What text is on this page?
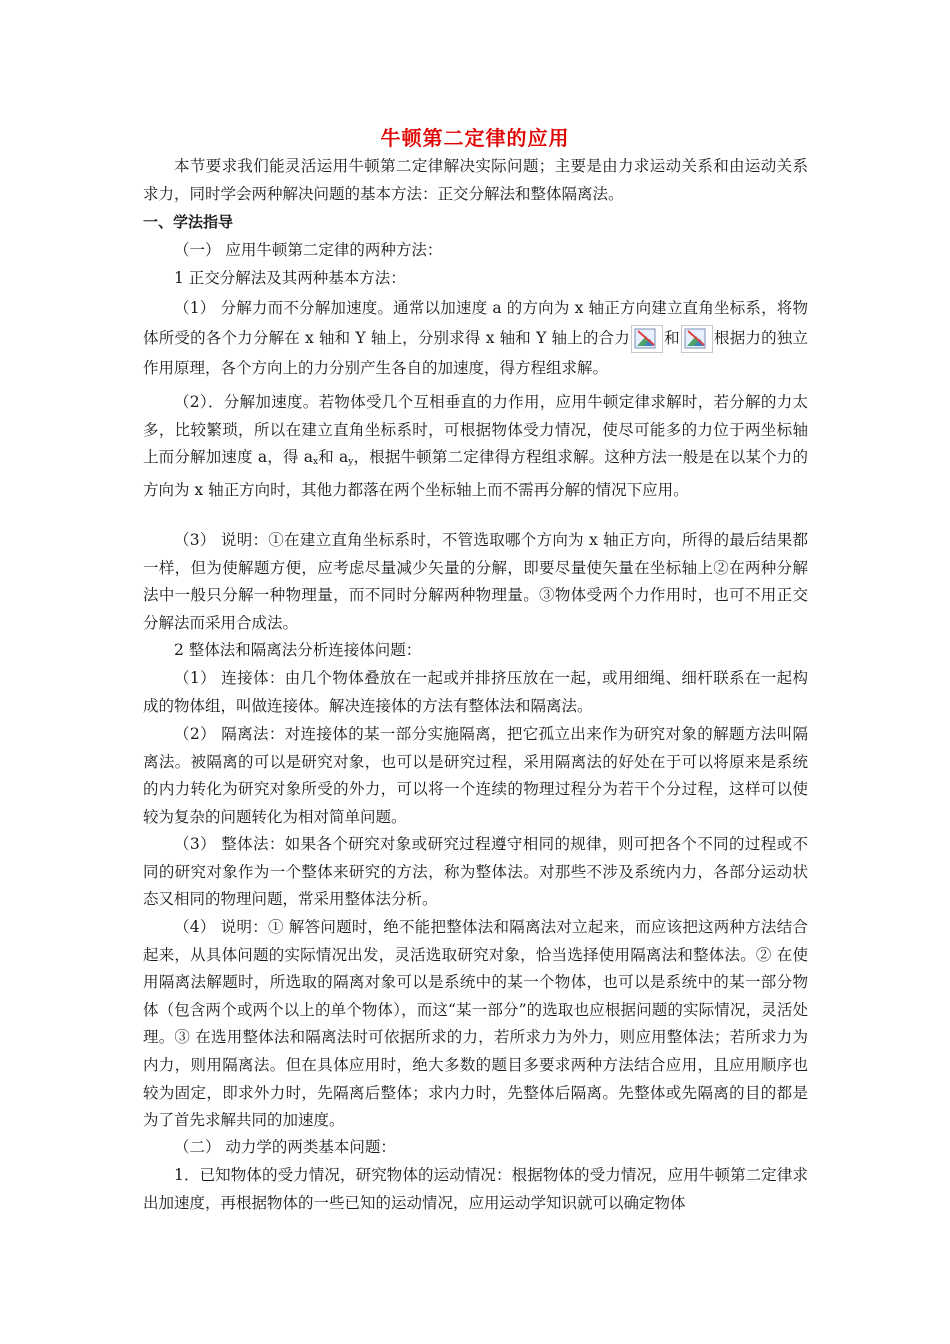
牛顿第二定律的应用
本节要求我们能灵活运用牛顿第二定律解决实际问题；主要是由力求运动关系和由运动关系求力，同时学会两种解决问题的基本方法：正交分解法和整体隔离法。
一、学法指导
（一） 应用牛顿第二定律的两种方法：
1 正交分解法及其两种基本方法：
（1） 分解力而不分解加速度。通常以加速度 a 的方向为 x 轴正方向建立直角坐标系，将物体所受的各个力分解在 x 轴和 Y 轴上，分别求得 x 轴和 Y 轴上的合力 和 根据力的独立作用原理，各个方向上的力分别产生各自的加速度，得方程组求解。
（2）．分解加速度。若物体受几个互相垂直的力作用，应用牛顿定律求解时，若分解的力太多，比较繁琐，所以在建立直角坐标系时，可根据物体受力情况，使尽可能多的力位于两坐标轴上而分解加速度 a，得 $a_x$和 $a_y$，根据牛顿第二定律得方程组求解。这种方法一般是在以某个力的方向为 x 轴正方向时，其他力都落在两个坐标轴上而不需再分解的情况下应用。
（3） 说明：①在建立直角坐标系时，不管选取哪个方向为 x 轴正方向，所得的最后结果都一样，但为使解题方便，应考虑尽量减少矢量的分解，即要尽量使矢量在坐标轴上②在两种分解法中一般只分解一种物理量，而不同时分解两种物理量。③物体受两个力作用时，也可不用正交分解法而采用合成法。
2 整体法和隔离法分析连接体问题：
（1） 连接体：由几个物体叠放在一起或并排挤压放在一起，或用细绳、细杆联系在一起构成的物体组，叫做连接体。解决连接体的方法有整体法和隔离法。
（2） 隔离法：对连接体的某一部分实施隔离，把它孤立出来作为研究对象的解题方法叫隔离法。被隔离的可以是研究对象，也可以是研究过程，采用隔离法的好处在于可以将原来是系统的内力转化为研究对象所受的外力，可以将一个连续的物理过程分为若干个分过程，这样可以使较为复杂的问题转化为相对简单问题。
（3） 整体法：如果各个研究对象或研究过程遵守相同的规律，则可把各个不同的过程或不同的研究对象作为一个整体来研究的方法，称为整体法。对那些不涉及系统内力，各部分运动状态又相同的物理问题，常采用整体法分析。
（4） 说明：① 解答问题时，绝不能把整体法和隔离法对立起来，而应该把这两种方法结合起来，从具体问题的实际情况出发，灵活选取研究对象，恰当选择使用隔离法和整体法。② 在使用隔离法解题时，所选取的隔离对象可以是系统中的某一个物体，也可以是系统中的某一部分物体（包含两个或两个以上的单个物体），而这“某一部分”的选取也应根据问题的实际情况，灵活处理。③ 在选用整体法和隔离法时可依据所求的力，若所求力为外力，则应用整体法；若所求力为内力，则用隔离法。但在具体应用时，绝大多数的题目多要求两种方法结合应用，且应用顺序也较为固定，即求外力时，先隔离后整体；求内力时，先整体后隔离。先整体或先隔离的目的都是为了首先求解共同的加速度。
（二） 动力学的两类基本问题：
1．已知物体的受力情况，研究物体的运动情况：根据物体的受力情况，应用牛顿第二定律求出加速度，再根据物体的一些已知的运动情况，应用运动学知识就可以确定物体
